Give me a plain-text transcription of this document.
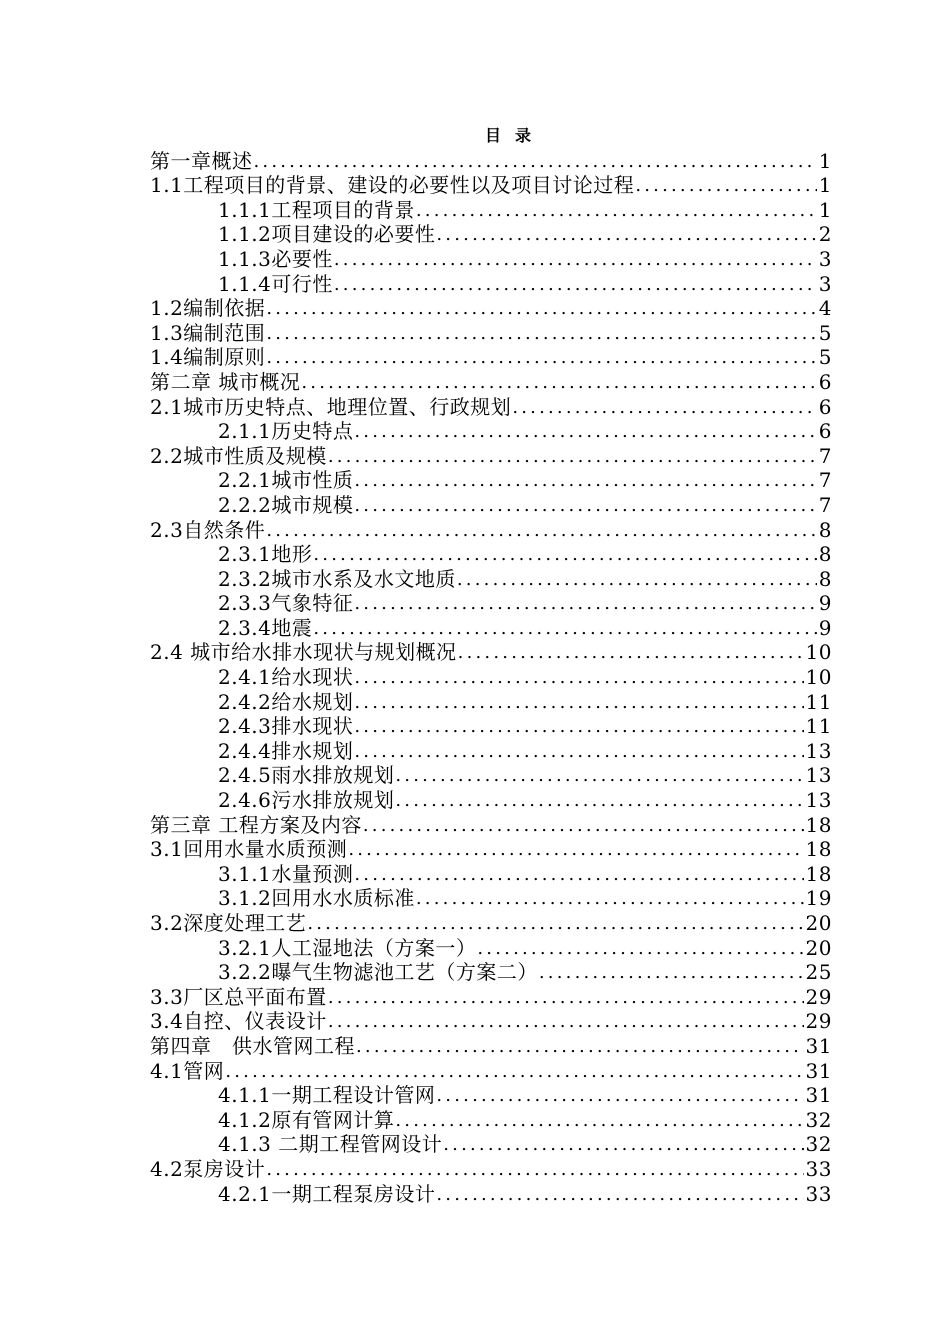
目录
第一章概述 .....	1
1.1工程项目的背景、建设的必要性以及项目讨论过程 .....	1
1.1.1工程项目的背景 .....	1
1.1.2项目建设的必要性 .....	2
1.1.3必要性 .....	3
1.1.4可行性 .....	3
1.2编制依据 .....	4
1.3编制范围 .....	5
1.4编制原则 .....	5
第二章 城市概况 .....	6
2.1城市历史特点、地理位置、行政规划 .....	6
2.1.1历史特点 .....	6
2.2城市性质及规模 .....	7
2.2.1城市性质 .....	7
2.2.2城市规模 .....	7
2.3自然条件 .....	8
2.3.1地形 .....	8
2.3.2城市水系及水文地质 .....	8
2.3.3气象特征 .....	9
2.3.4地震 .....	9
2.4 城市给水排水现状与规划概况 .....	10
2.4.1给水现状 .....	10
2.4.2给水规划 .....	11
2.4.3排水现状 .....	11
2.4.4排水规划 .....	13
2.4.5雨水排放规划 .....	13
2.4.6污水排放规划 .....	13
第三章 工程方案及内容 .....	18
3.1回用水量水质预测 .....	18
3.1.1水量预测 .....	18
3.1.2回用水水质标准 .....	19
3.2深度处理工艺 .....	20
3.2.1人工湿地法（方案一） .....	20
3.2.2曝气生物滤池工艺（方案二） .....	25
3.3厂区总平面布置 .....	29
3.4自控、仪表设计 .....	29
第四章　供水管网工程 .....	31
4.1管网 .....	31
4.1.1一期工程设计管网 .....	31
4.1.2原有管网计算 .....	32
4.1.3 二期工程管网设计 .....	32
4.2泵房设计 .....	33
4.2.1一期工程泵房设计 .....	33
